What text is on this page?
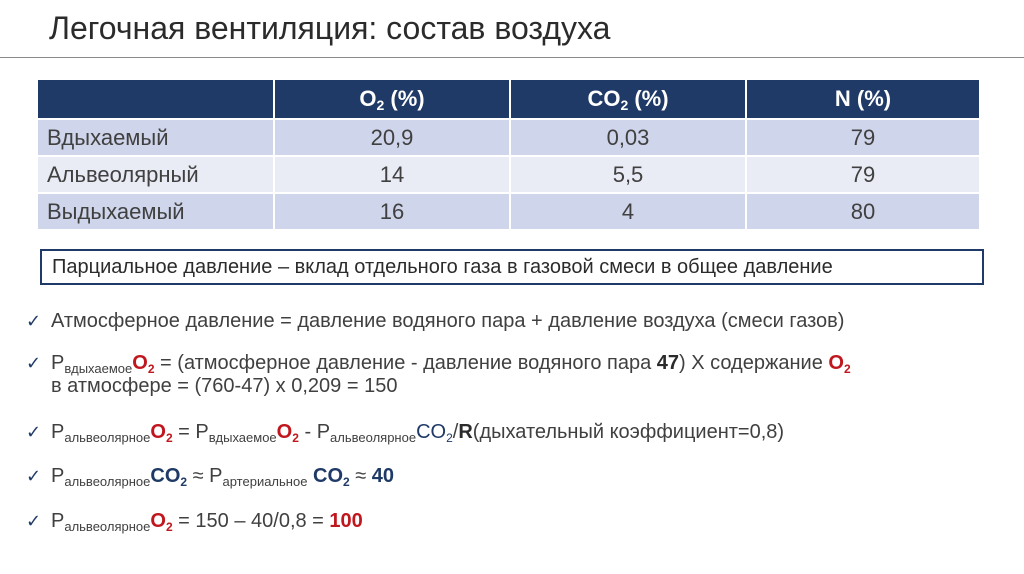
Легочная вентиляция: состав воздуха
	$O_2$ (%)	$CO_2$ (%)	N (%)
Вдыхаемый	20,9	0,03	79
Альвеолярный	14	5,5	79
Выдыхаемый	16	4	80
Парциальное давление – вклад отдельного газа в газовой смеси в общее давление
✓ Атмосферное давление = давление водяного пара + давление воздуха (смеси газов)
✓ $P_{вдыхаемое}O_2$ = (атмосферное давление - давление водяного пара 47) X содержание $O_2$
в атмосфере = (760-47) x 0,209 = 150
✓ $P_{альвеолярное}O_2 = P_{вдыхаемое}O_2$ - $P_{альвеолярное}CO_2/R(дыхательный$ коэффициент=0,8)
✓ $P_{альвеолярное}CO_2 \approx P_{артериальное}$ $CO_2 \approx 40$
✓ $P_{альвеолярное}O_2 = 150 - 40/0,8 = 100$
